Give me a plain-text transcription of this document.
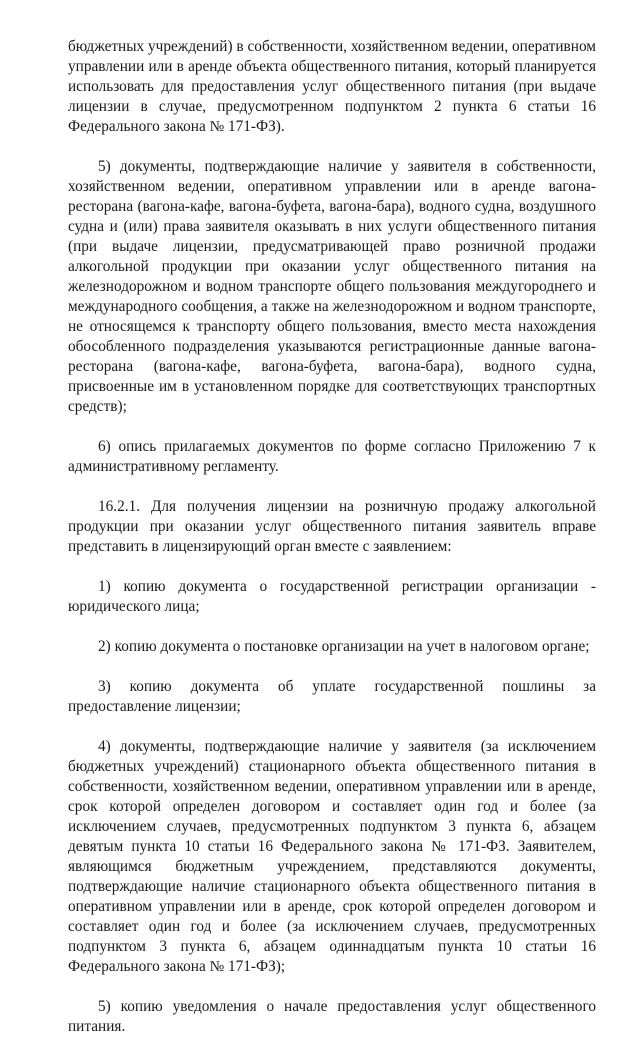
бюджетных учреждений) в собственности, хозяйственном ведении, оперативном управлении или в аренде объекта общественного питания, который планируется использовать для предоставления услуг общественного питания (при выдаче лицензии в случае, предусмотренном подпунктом 2 пункта 6 статьи 16 Федерального закона № 171-ФЗ).

5) документы, подтверждающие наличие у заявителя в собственности, хозяйственном ведении, оперативном управлении или в аренде вагона-ресторана (вагона-кафе, вагона-буфета, вагона-бара), водного судна, воздушного судна и (или) права заявителя оказывать в них услуги общественного питания (при выдаче лицензии, предусматривающей право розничной продажи алкогольной продукции при оказании услуг общественного питания на железнодорожном и водном транспорте общего пользования междугороднего и международного сообщения, а также на железнодорожном и водном транспорте, не относящемся к транспорту общего пользования, вместо места нахождения обособленного подразделения указываются регистрационные данные вагона-ресторана (вагона-кафе, вагона-буфета, вагона-бара), водного судна, присвоенные им в установленном порядке для соответствующих транспортных средств);

6) опись прилагаемых документов по форме согласно Приложению 7 к административному регламенту.

16.2.1. Для получения лицензии на розничную продажу алкогольной продукции при оказании услуг общественного питания заявитель вправе представить в лицензирующий орган вместе с заявлением:

1) копию документа о государственной регистрации организации - юридического лица;

2) копию документа о постановке организации на учет в налоговом органе;

3) копию документа об уплате государственной пошлины за предоставление лицензии;

4) документы, подтверждающие наличие у заявителя (за исключением бюджетных учреждений) стационарного объекта общественного питания в собственности, хозяйственном ведении, оперативном управлении или в аренде, срок которой определен договором и составляет один год и более (за исключением случаев, предусмотренных подпунктом 3 пункта 6, абзацем девятым пункта 10 статьи 16 Федерального закона № 171-ФЗ. Заявителем, являющимся бюджетным учреждением, представляются документы, подтверждающие наличие стационарного объекта общественного питания в оперативном управлении или в аренде, срок которой определен договором и составляет один год и более (за исключением случаев, предусмотренных подпунктом 3 пункта 6, абзацем одиннадцатым пункта 10 статьи 16 Федерального закона № 171-ФЗ);

5) копию уведомления о начале предоставления услуг общественного питания.
